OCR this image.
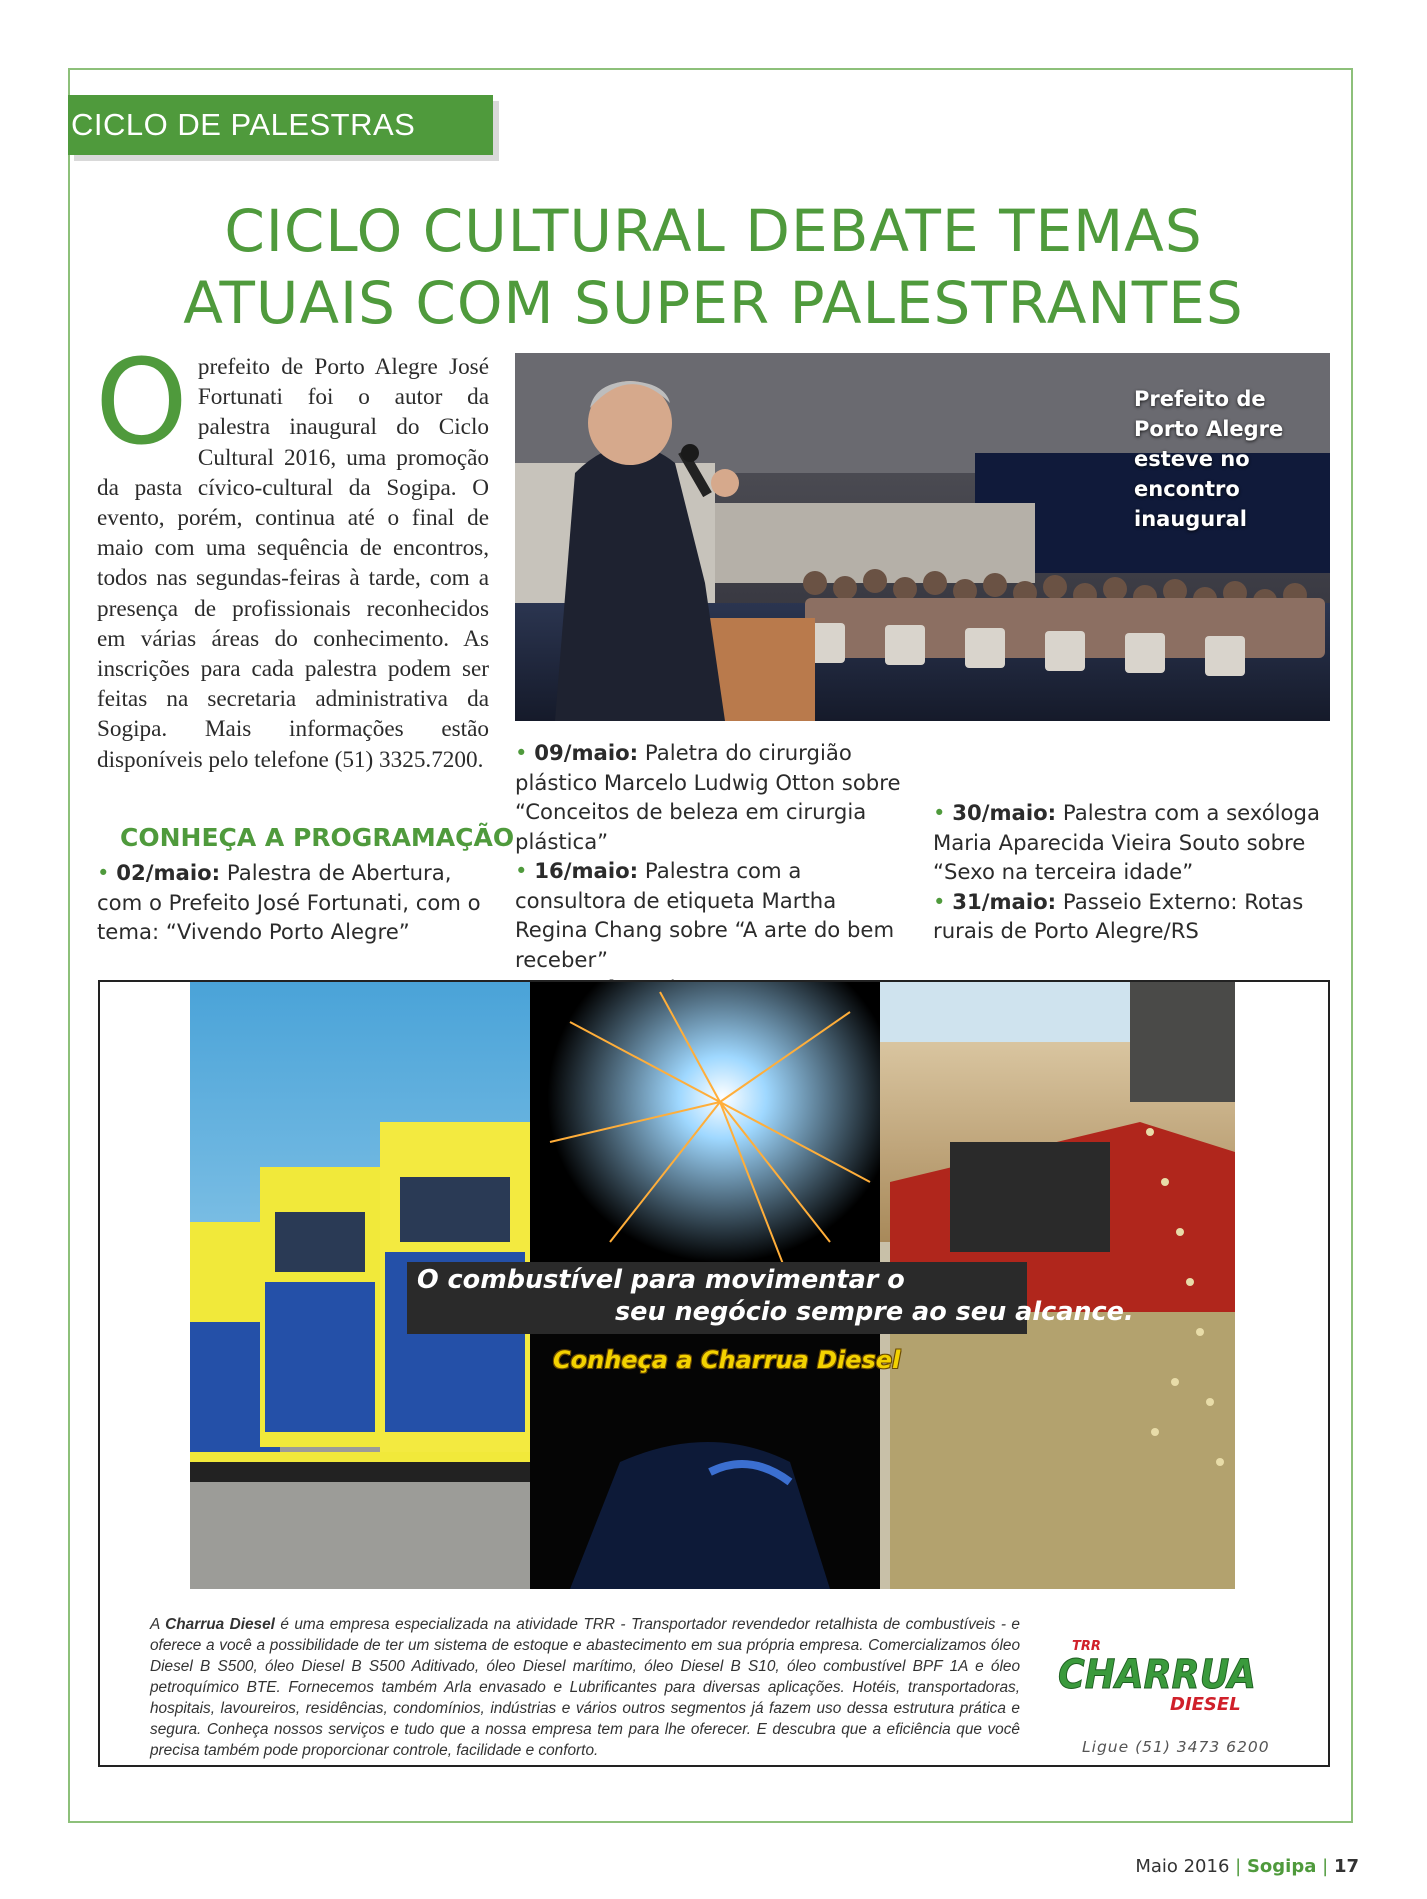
CICLO DE PALESTRAS
CICLO CULTURAL DEBATE TEMAS
ATUAIS COM SUPER PALESTRANTES
Oprefeito de Porto Alegre José Fortunati foi o autor da palestra inaugural do Ciclo Cultural 2016, uma promoção da pasta cívico-cultural da Sogipa. O evento, porém, continua até o final de maio com uma sequência de encontros, todos nas segundas-feiras à tarde, com a presença de profissionais reconhecidos em várias áreas do conhecimento. As inscrições para cada palestra podem ser feitas na secretaria administrativa da Sogipa. Mais informações estão disponíveis pelo telefone (51) 3325.7200.
Prefeito de Porto Alegre esteve no encontro inaugural
CONHEÇA A PROGRAMAÇÃO
• 02/maio: Palestra de Abertura, com o Prefeito José Fortunati, com o tema: “Vivendo Porto Alegre”
• 09/maio: Paletra do cirurgião plástico Marcelo Ludwig Otton sobre “Conceitos de beleza em cirurgia plástica”
• 16/maio: Palestra com a consultora de etiqueta Martha Regina Chang sobre “A arte do bem receber”
• 30/maio: Palestra com a sexóloga Maria Aparecida Vieira Souto sobre “Sexo na terceira idade”
• 31/maio: Passeio Externo: Rotas rurais de Porto Alegre/RS
O combustível para movimentar o
seu negócio sempre ao seu alcance.
Conheça a Charrua Diesel
A Charrua Diesel é uma empresa especializada na atividade TRR - Transportador revendedor retalhista de combustíveis - e oferece a você a possibilidade de ter um sistema de estoque e abastecimento em sua própria empresa. Comercializamos óleo Diesel B S500, óleo Diesel B S500 Aditivado, óleo Diesel marítimo, óleo Diesel B S10, óleo combustível BPF 1A e óleo petroquímico BTE. Fornecemos também Arla envasado e Lubrificantes para diversas aplicações. Hotéis, transportadoras, hospitais, lavoureiros, residências, condomínios, indústrias e vários outros segmentos já fazem uso dessa estrutura prática e segura. Conheça nossos serviços e tudo que a nossa empresa tem para lhe oferecer. E descubra que a eficiência que você precisa também pode proporcionar controle, facilidade e conforto.
TRR
CHARRUA
DIESEL
Ligue (51) 3473 6200
Maio 2016 | Sogipa | 17
